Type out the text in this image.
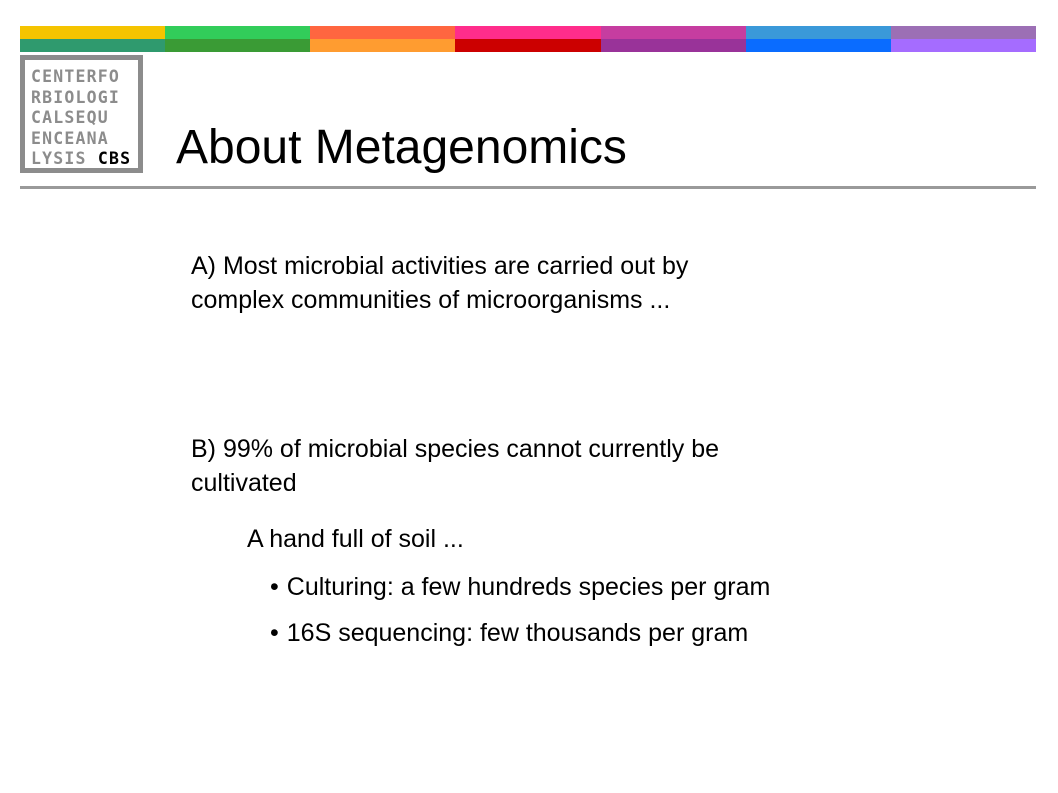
CENTERFO
RBIOLOGI
CALSEQU
ENCEANA
LYSIS CBS About Metagenomics

A) Most microbial activities are carried out by complex communities of microorganisms ...

B) 99% of microbial species cannot currently be cultivated

A hand full of soil ...

• Culturing: a few hundreds species per gram
• 16S sequencing: few thousands per gram
